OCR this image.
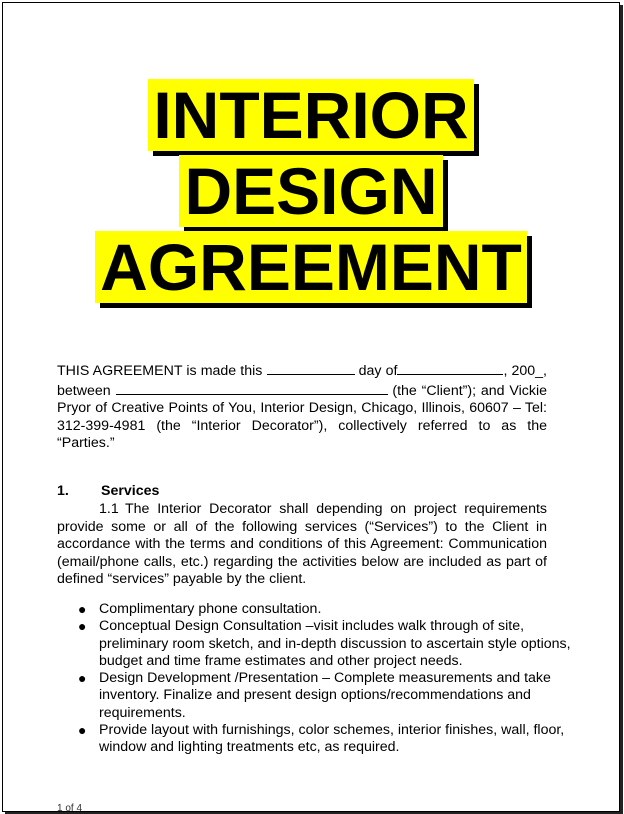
INTERIOR
DESIGN
AGREEMENT
THIS AGREEMENT is made this	day of	, 200_, between	(the “Client”); and Vickie Pryor of Creative Points of You, Interior Design, Chicago, Illinois, 60607 – Tel: 312-399-4981 (the “Interior Decorator”), collectively referred to as the “Parties.”
1. Services
1.1 The Interior Decorator shall depending on project requirements provide some or all of the following services (“Services”) to the Client in accordance with the terms and conditions of this Agreement: Communication (email/phone calls, etc.) regarding the activities below are included as part of defined “services” payable by the client.
● Complimentary phone consultation.
● Conceptual Design Consultation –visit includes walk through of site, preliminary room sketch, and in-depth discussion to ascertain style options, budget and time frame estimates and other project needs.
● Design Development /Presentation – Complete measurements and take inventory. Finalize and present design options/recommendations and requirements.
● Provide layout with furnishings, color schemes, interior finishes, wall, floor, window and lighting treatments etc, as required.
1 of 4
